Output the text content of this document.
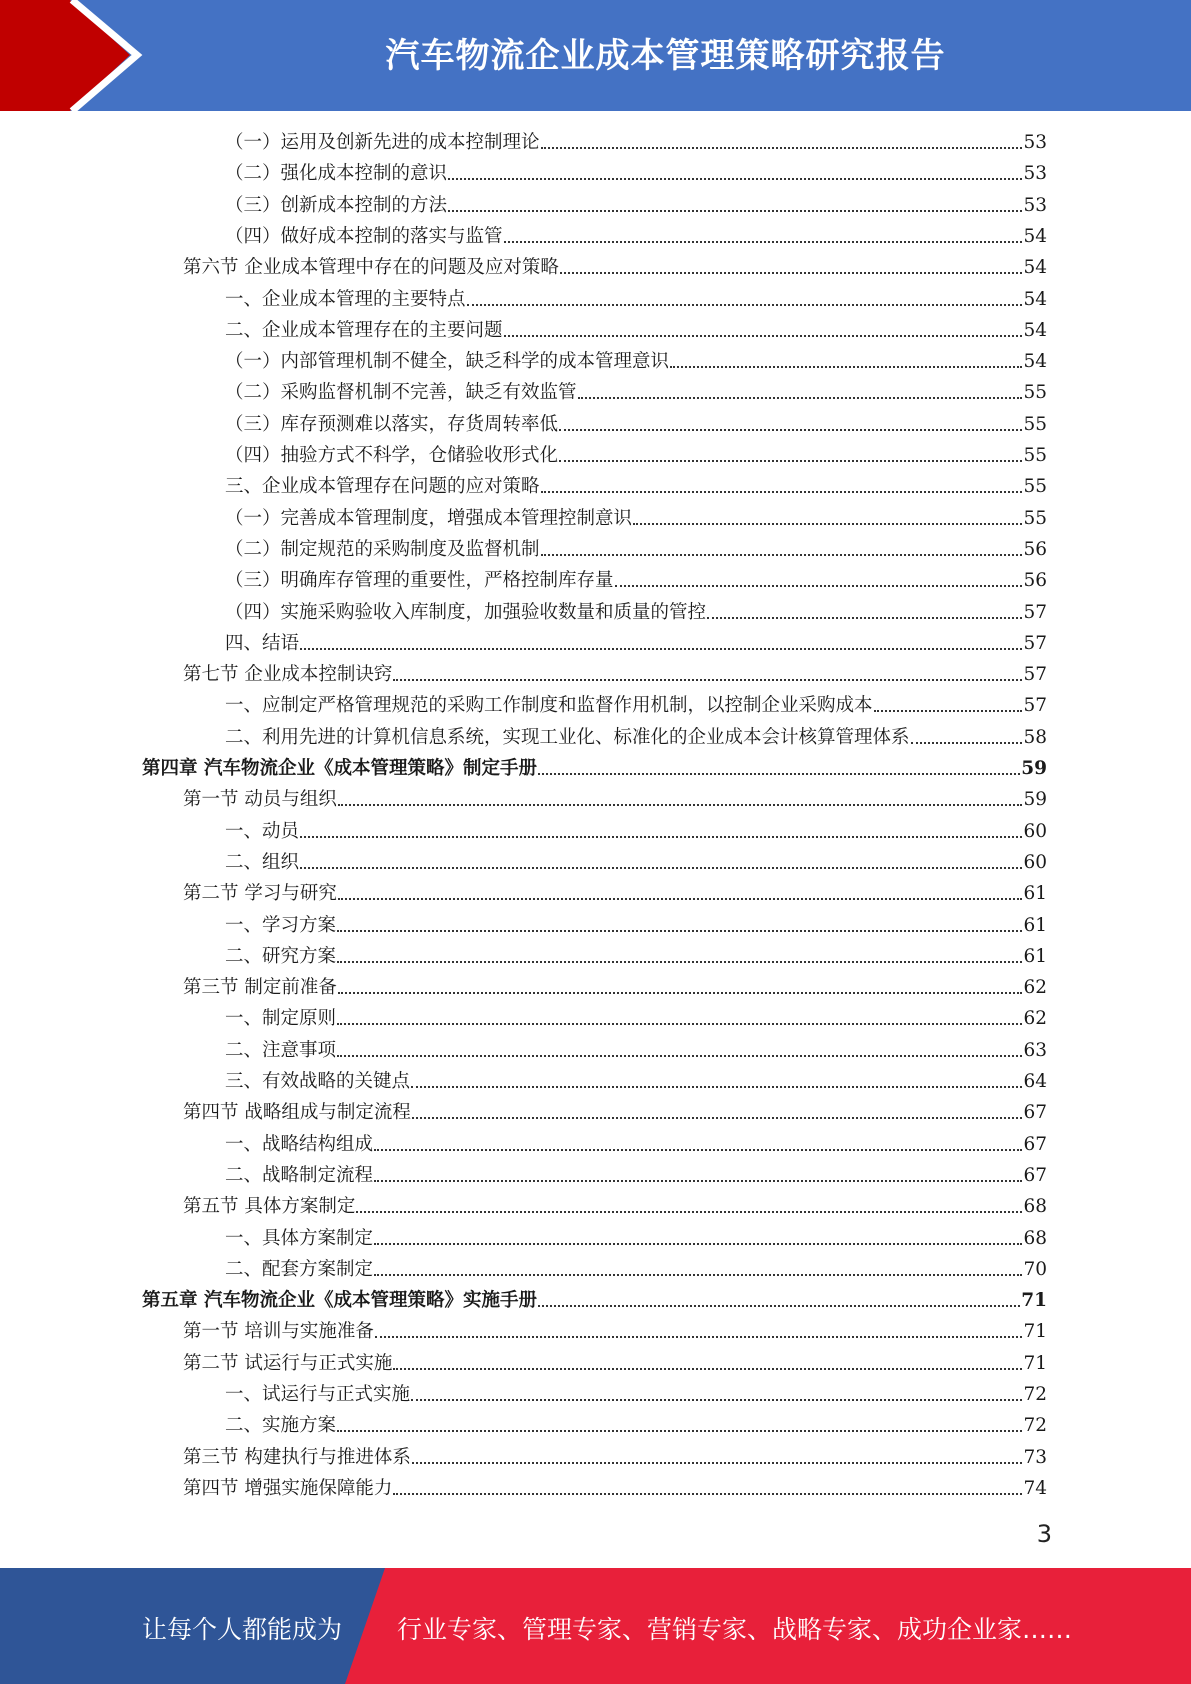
汽车物流企业成本管理策略研究报告
（一）运用及创新先进的成本控制理论	53
（二）强化成本控制的意识	53
（三）创新成本控制的方法	53
（四）做好成本控制的落实与监管	54
第六节 企业成本管理中存在的问题及应对策略	54
一、企业成本管理的主要特点	54
二、企业成本管理存在的主要问题	54
（一）内部管理机制不健全，缺乏科学的成本管理意识	54
（二）采购监督机制不完善，缺乏有效监管	55
（三）库存预测难以落实，存货周转率低	55
（四）抽验方式不科学，仓储验收形式化	55
三、企业成本管理存在问题的应对策略	55
（一）完善成本管理制度，增强成本管理控制意识	55
（二）制定规范的采购制度及监督机制	56
（三）明确库存管理的重要性，严格控制库存量	56
（四）实施采购验收入库制度，加强验收数量和质量的管控	57
四、结语	57
第七节 企业成本控制诀窍	57
一、应制定严格管理规范的采购工作制度和监督作用机制，以控制企业采购成本	57
二、利用先进的计算机信息系统，实现工业化、标准化的企业成本会计核算管理体系	58
第四章 汽车物流企业《成本管理策略》制定手册	59
第一节 动员与组织	59
一、动员	60
二、组织	60
第二节 学习与研究	61
一、学习方案	61
二、研究方案	61
第三节 制定前准备	62
一、制定原则	62
二、注意事项	63
三、有效战略的关键点	64
第四节 战略组成与制定流程	67
一、战略结构组成	67
二、战略制定流程	67
第五节 具体方案制定	68
一、具体方案制定	68
二、配套方案制定	70
第五章 汽车物流企业《成本管理策略》实施手册	71
第一节 培训与实施准备	71
第二节 试运行与正式实施	71
一、试运行与正式实施	72
二、实施方案	72
第三节 构建执行与推进体系	73
第四节 增强实施保障能力	74
3
让每个人都能成为 行业专家、管理专家、营销专家、战略专家、成功企业家……
